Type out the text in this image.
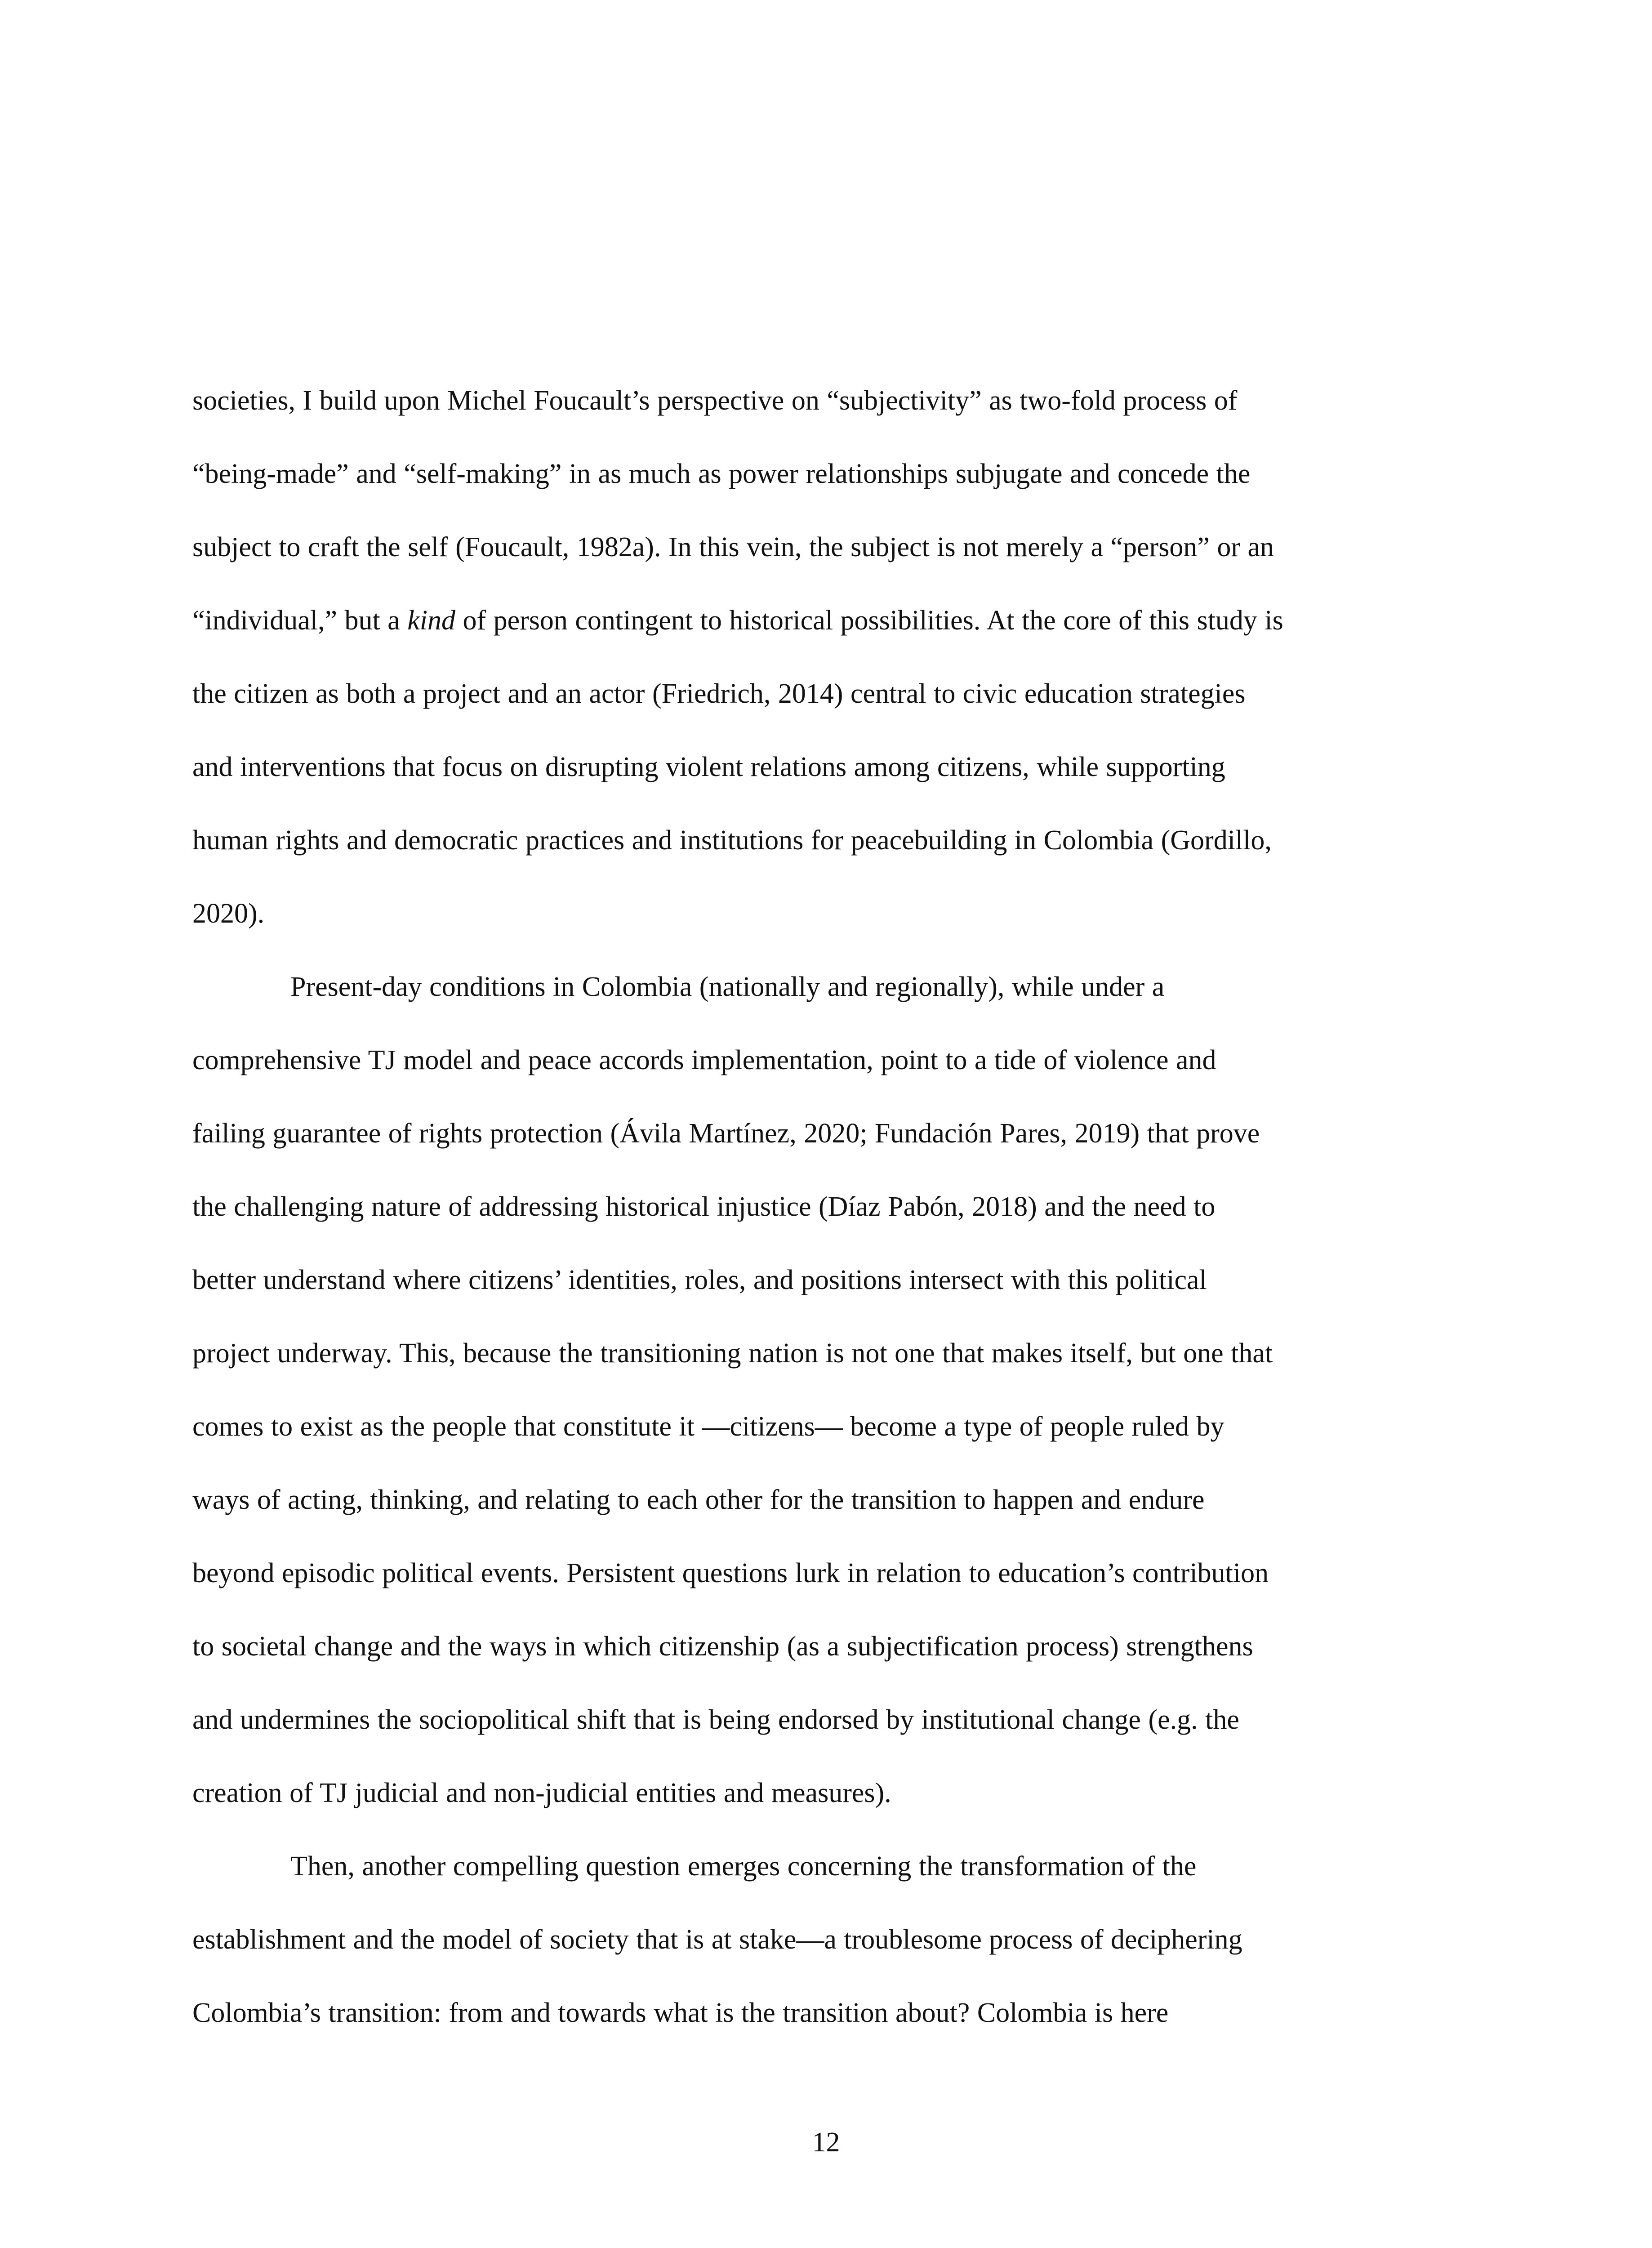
societies, I build upon Michel Foucault’s perspective on “subjectivity” as two-fold process of
“being-made” and “self-making” in as much as power relationships subjugate and concede the
subject to craft the self (Foucault, 1982a). In this vein, the subject is not merely a “person” or an
“individual,” but a kind of person contingent to historical possibilities. At the core of this study is
the citizen as both a project and an actor (Friedrich, 2014) central to civic education strategies
and interventions that focus on disrupting violent relations among citizens, while supporting
human rights and democratic practices and institutions for peacebuilding in Colombia (Gordillo,
2020).
Present-day conditions in Colombia (nationally and regionally), while under a
comprehensive TJ model and peace accords implementation, point to a tide of violence and
failing guarantee of rights protection (Ávila Martínez, 2020; Fundación Pares, 2019) that prove
the challenging nature of addressing historical injustice (Díaz Pabón, 2018) and the need to
better understand where citizens’ identities, roles, and positions intersect with this political
project underway. This, because the transitioning nation is not one that makes itself, but one that
comes to exist as the people that constitute it —citizens— become a type of people ruled by
ways of acting, thinking, and relating to each other for the transition to happen and endure
beyond episodic political events. Persistent questions lurk in relation to education’s contribution
to societal change and the ways in which citizenship (as a subjectification process) strengthens
and undermines the sociopolitical shift that is being endorsed by institutional change (e.g. the
creation of TJ judicial and non-judicial entities and measures).
Then, another compelling question emerges concerning the transformation of the
establishment and the model of society that is at stake—a troublesome process of deciphering
Colombia’s transition: from and towards what is the transition about? Colombia is here
12
